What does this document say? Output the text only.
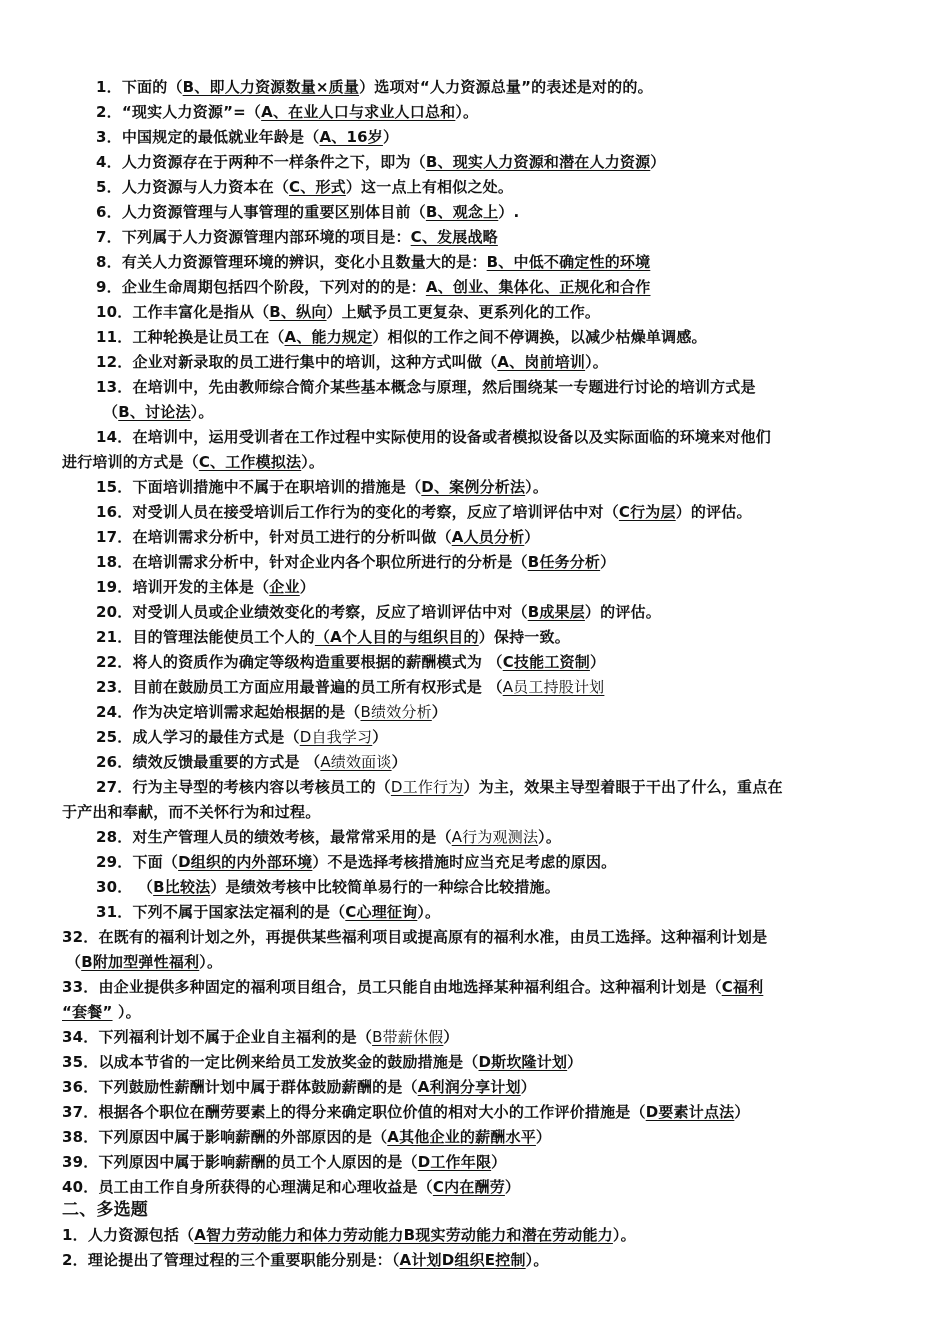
1．下面的（B、即人力资源数量×质量）选项对“人力资源总量”的表述是对的的。
2．“现实人力资源”=（A、在业人口与求业人口总和）。
3．中国规定的最低就业年龄是（A、16岁）
4．人力资源存在于两种不一样条件之下，即为（B、现实人力资源和潜在人力资源）
5．人力资源与人力资本在（C、形式）这一点上有相似之处。
6．人力资源管理与人事管理的重要区别体目前（B、观念上）.
7．下列属于人力资源管理内部环境的项目是：C、发展战略
8．有关人力资源管理环境的辨识，变化小且数量大的是：B、中低不确定性的环境
9．企业生命周期包括四个阶段，下列对的的是：A、创业、集体化、正规化和合作
10．工作丰富化是指从（B、纵向）上赋予员工更复杂、更系列化的工作。
11．工种轮换是让员工在（A、能力规定）相似的工作之间不停调换，以减少枯燥单调感。
12．企业对新录取的员工进行集中的培训，这种方式叫做（A、岗前培训）。
13．在培训中，先由教师综合简介某些基本概念与原理，然后围绕某一专题进行讨论的培训方式是
（B、讨论法）。
14．在培训中，运用受训者在工作过程中实际使用的设备或者模拟设备以及实际面临的环境来对他们
进行培训的方式是（C、工作模拟法）。
15．下面培训措施中不属于在职培训的措施是（D、案例分析法）。
16．对受训人员在接受培训后工作行为的变化的考察，反应了培训评估中对（C行为层）的评估。
17．在培训需求分析中，针对员工进行的分析叫做（A人员分析）
18．在培训需求分析中，针对企业内各个职位所进行的分析是（B任务分析）
19．培训开发的主体是（企业）
20．对受训人员或企业绩效变化的考察，反应了培训评估中对（B成果层）的评估。
21．目的管理法能使员工个人的（A个人目的与组织目的）保持一致。
22．将人的资质作为确定等级构造重要根据的薪酬模式为 （C技能工资制）
23．目前在鼓励员工方面应用最普遍的员工所有权形式是 （A员工持股计划
24．作为决定培训需求起始根据的是（B绩效分析）
25．成人学习的最佳方式是（D自我学习）
26．绩效反馈最重要的方式是 （A绩效面谈）
27．行为主导型的考核内容以考核员工的（D工作行为）为主，效果主导型着眼于干出了什么，重点在
于产出和奉献，而不关怀行为和过程。
28．对生产管理人员的绩效考核，最常常采用的是（A行为观测法）。
29．下面（D组织的内外部环境）不是选择考核措施时应当充足考虑的原因。
30． （B比较法）是绩效考核中比较简单易行的一种综合比较措施。
31．下列不属于国家法定福利的是（C心理征询）。
32．在既有的福利计划之外，再提供某些福利项目或提高原有的福利水准，由员工选择。这种福利计划是
（B附加型弹性福利）。
33．由企业提供多种固定的福利项目组合，员工只能自由地选择某种福利组合。这种福利计划是（C福利
“套餐” ）。
34．下列福利计划不属于企业自主福利的是（B带薪休假）
35．以成本节省的一定比例来给员工发放奖金的鼓励措施是（D斯坎隆计划）
36．下列鼓励性薪酬计划中属于群体鼓励薪酬的是（A利润分享计划）
37．根据各个职位在酬劳要素上的得分来确定职位价值的相对大小的工作评价措施是（D要素计点法）
38．下列原因中属于影响薪酬的外部原因的是（A其他企业的薪酬水平）
39．下列原因中属于影响薪酬的员工个人原因的是（D工作年限）
40．员工由工作自身所获得的心理满足和心理收益是（C内在酬劳）
二、多选题
1．人力资源包括（A智力劳动能力和体力劳动能力B现实劳动能力和潜在劳动能力）。
2．理论提出了管理过程的三个重要职能分别是：（A计划D组织E控制）。
